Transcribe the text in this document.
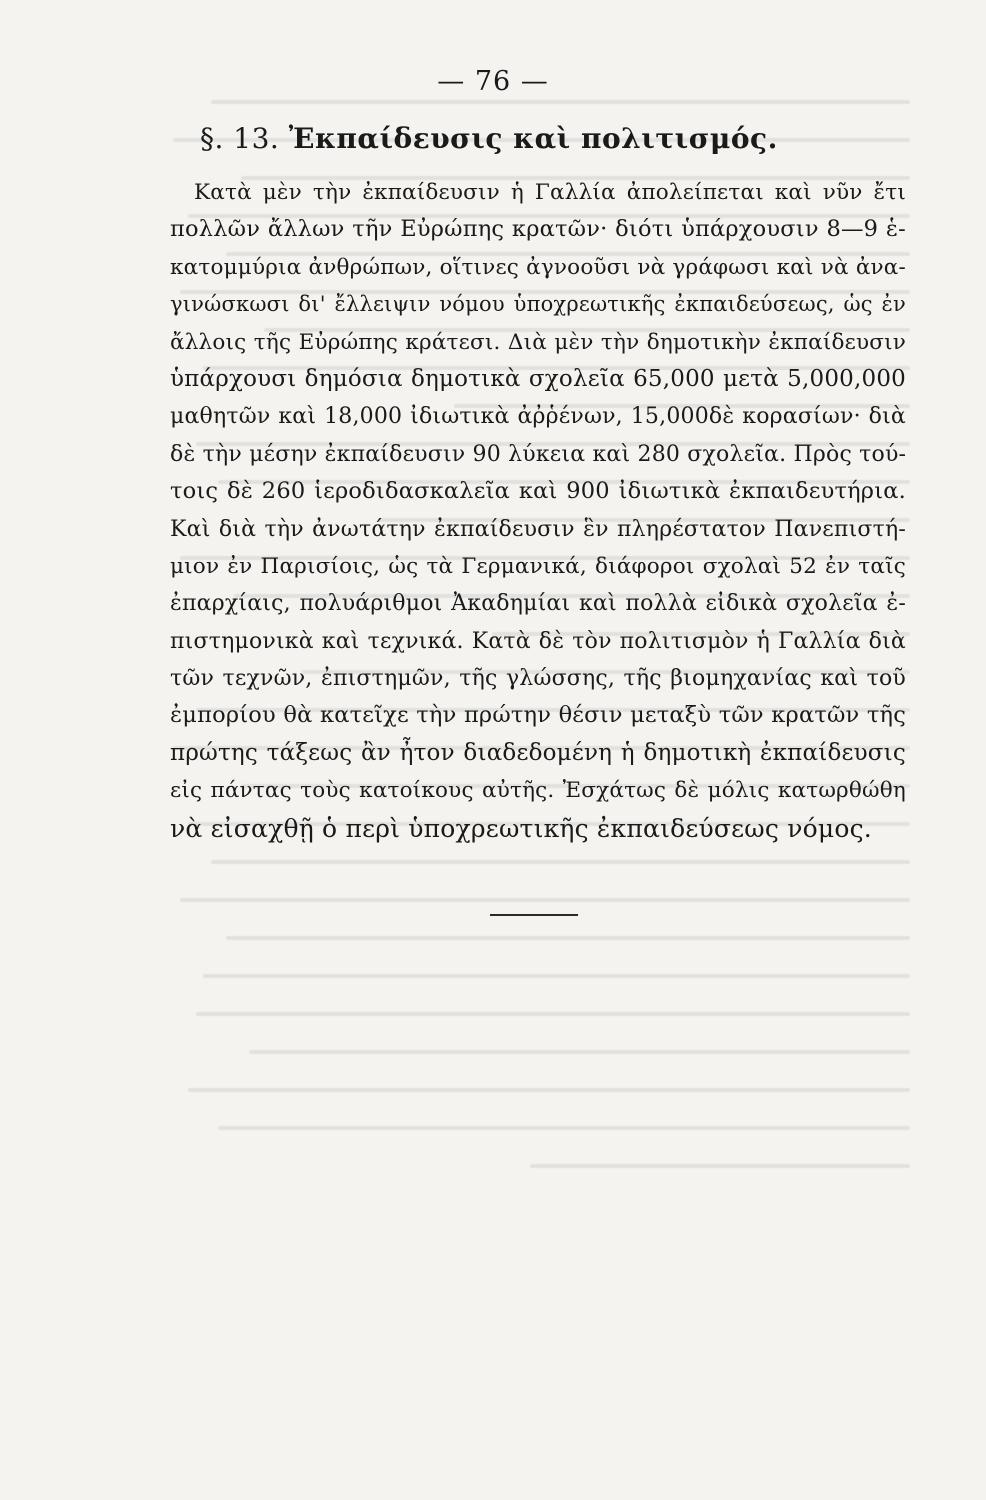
— 76 —
§. 13. Ἐκπαίδευσις καὶ πολιτισμός.
Κατὰ μὲν τὴν ἐκπαίδευσιν ἡ Γαλλία ἀπολείπεται καὶ νῦν ἔτι
πολλῶν ἄλλων τῆν Εὐρώπης κρατῶν· διότι ὑπάρχουσιν 8—9 ἑ-
κατομμύρια ἀνθρώπων, οἵτινες ἀγνοοῦσι νὰ γράφωσι καὶ νὰ ἀνα-
γινώσκωσι δι' ἔλλειψιν νόμου ὑποχρεωτικῆς ἐκπαιδεύσεως, ὡς ἐν
ἄλλοις τῆς Εὐρώπης κράτεσι. Διὰ μὲν τὴν δημοτικὴν ἐκπαίδευσιν
ὑπάρχουσι δημόσια δημοτικὰ σχολεῖα 65,000 μετὰ 5,000,000
μαθητῶν καὶ 18,000 ἰδιωτικὰ ἀῤῥένων, 15,000δὲ κορασίων· διὰ
δὲ τὴν μέσην ἐκπαίδευσιν 90 λύκεια καὶ 280 σχολεῖα. Πρὸς τού-
τοις δὲ 260 ἱεροδιδασκαλεῖα καὶ 900 ἰδιωτικὰ ἐκπαιδευτήρια.
Καὶ διὰ τὴν ἀνωτάτην ἐκπαίδευσιν ἓν πληρέστατον Πανεπιστή-
μιον ἐν Παρισίοις, ὡς τὰ Γερμανικά, διάφοροι σχολαὶ 52 ἐν ταῖς
ἐπαρχίαις, πολυάριθμοι Ἀκαδημίαι καὶ πολλὰ εἰδικὰ σχολεῖα ἐ-
πιστημονικὰ καὶ τεχνικά. Κατὰ δὲ τὸν πολιτισμὸν ἡ Γαλλία διὰ
τῶν τεχνῶν, ἐπιστημῶν, τῆς γλώσσης, τῆς βιομηχανίας καὶ τοῦ
ἐμπορίου θὰ κατεῖχε τὴν πρώτην θέσιν μεταξὺ τῶν κρατῶν τῆς
πρώτης τάξεως ἂν ἦτον διαδεδομένη ἡ δημοτικὴ ἐκπαίδευσις
εἰς πάντας τοὺς κατοίκους αὐτῆς. Ἐσχάτως δὲ μόλις κατωρθώθη
νὰ εἰσαχθῇ ὁ περὶ ὑποχρεωτικῆς ἐκπαιδεύσεως νόμος.
